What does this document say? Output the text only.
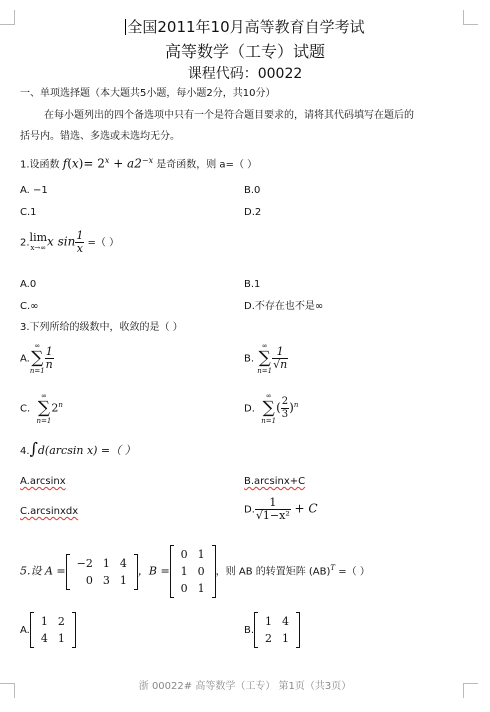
全国2011年10月高等教育自学考试
高等数学（工专）试题
课程代码：00022
一、单项选择题（本大题共5小题，每小题2分，共10分）
在每小题列出的四个备选项中只有一个是符合题目要求的，请将其代码填写在题后的
括号内。错选、多选或未选均无分。
1.设函数 $f(x)= 2^x + a2^{-x}$ 是奇函数，则 a=（ ）
A. −1	B.0
C.1	D.2
2. lim
x→∞ x $\sin \frac{1}{x}$ =（ ）
A.0	B.1
C.∞	D.不存在也不是∞
3.下列所给的级数中，收敛的是（ ）
A.
∞
∑
$n=1 \frac{1}{n}$	B.
∞
∑
$n=1 \frac{1}{√n}$
C.
∞
∑
n=1
2$^n$	D.
∞
∑
n=1
( $\frac{2}{3} )^n$
4.∫d(arcsin x) =（ ）
A.arcsinx	B.arcsinx+C
C.arcsinxdx	D. $\frac{1}{\text{√1−x²}} + C$
5.设 A =
−2	1	4
0	3	1
，B =
0	1
1	0
0	1
，则 AB 的转置矩阵 (AB)$^T$ =（ ）
A.
1	2
4	1
B.
1	4
2	1
浙 00022# 高等数学（工专） 第1页（共3页）
